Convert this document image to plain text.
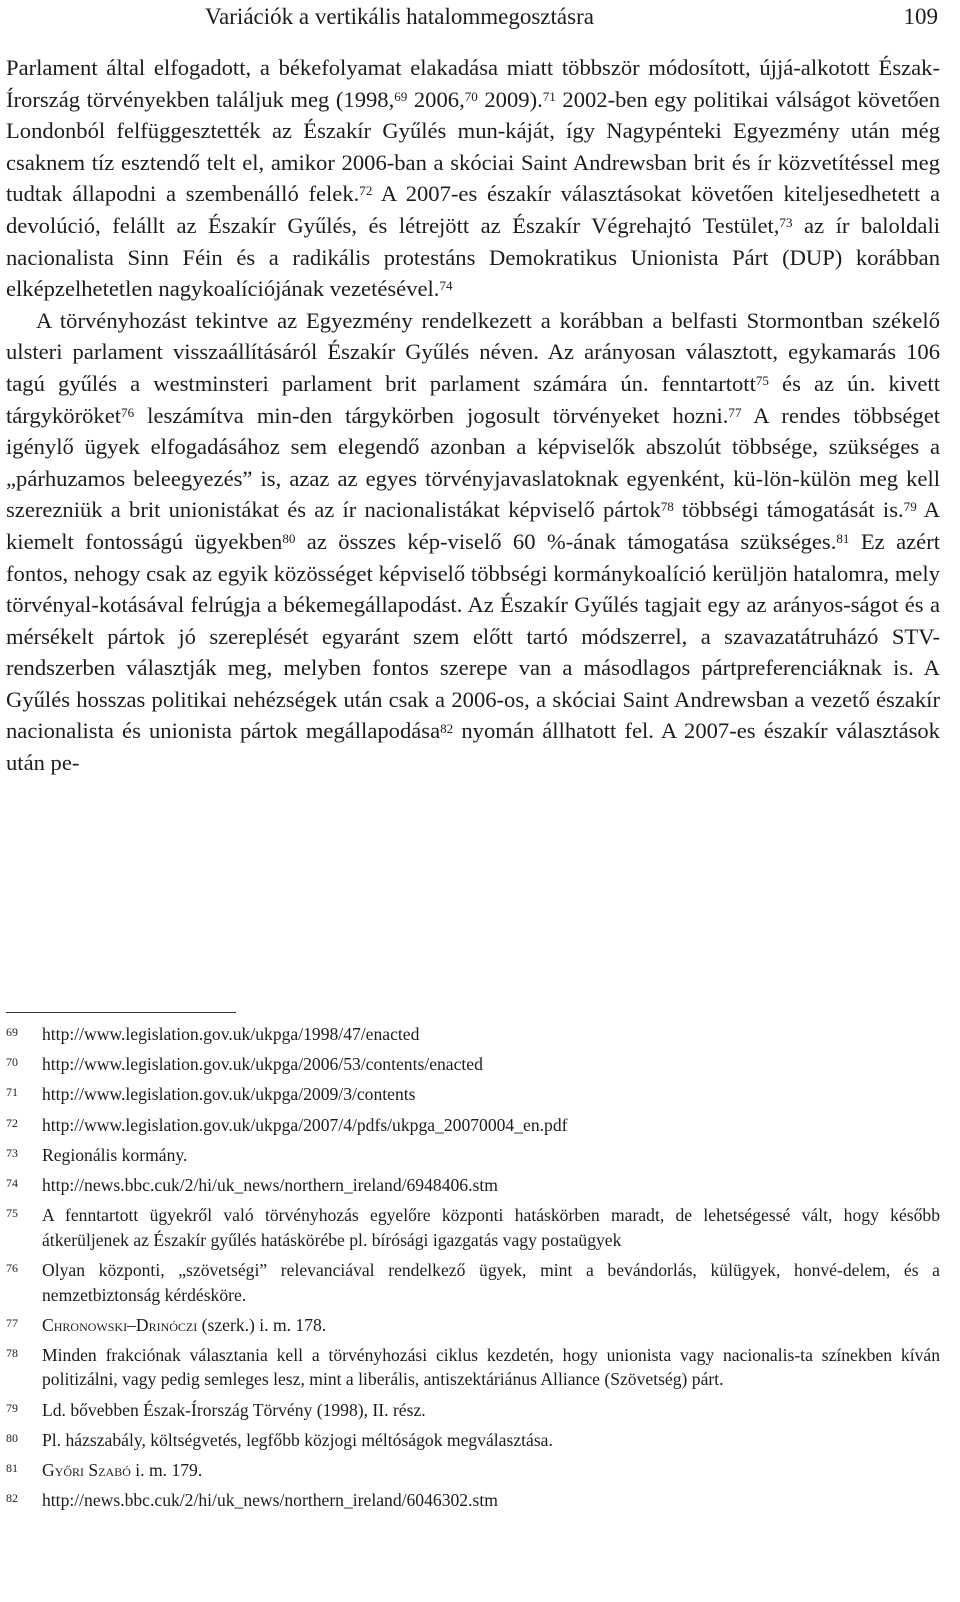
Variációk a vertikális hatalommegosztásra	109

Parlament által elfogadott, a békefolyamat elakadása miatt többször módosított, újjá-alkotott Észak-Írország törvényekben találjuk meg (1998,69 2006,70 2009).$^{71}$ 2002-ben egy politikai válságot követően Londonból felfüggesztették az Északír Gyűlés mun-káját, így Nagypénteki Egyezmény után még csaknem tíz esztendő telt el, amikor 2006-ban a skóciai Saint Andrewsban brit és ír közvetítéssel meg tudtak állapodni a szembenálló felek.$^{72}$ A 2007-es északír választásokat követően kiteljesedhetett a devolúció, felállt az Északír Gyűlés, és létrejött az Északír Végrehajtó Testület,$^{73}$ az ír baloldali nacionalista Sinn Féin és a radikális protestáns Demokratikus Unionista Párt (DUP) korábban elképzelhetetlen nagykoalíciójának vezetésével.$^{74}$

A törvényhozást tekintve az Egyezmény rendelkezett a korábban a belfasti Stormontban székelő ulsteri parlament visszaállításáról Északír Gyűlés néven. Az arányosan választott, egykamarás 106 tagú gyűlés a westminsteri parlament brit parlament számára ún. fenntartott$^{75}$ és az ún. kivett tárgyköröket$^{76}$ leszámítva min-den tárgykörben jogosult törvényeket hozni.$^{77}$ A rendes többséget igénylő ügyek elfogadásához sem elegendő azonban a képviselők abszolút többsége, szükséges a „párhuzamos beleegyezés” is, azaz az egyes törvényjavaslatoknak egyenként, kü-lön-külön meg kell szerezniük a brit unionistákat és az ír nacionalistákat képviselő pártok$^{78}$ többségi támogatását is.$^{79}$ A kiemelt fontosságú ügyekben$^{80}$ az összes kép-viselő 60 %-ának támogatása szükséges.$^{81}$ Ez azért fontos, nehogy csak az egyik közösséget képviselő többségi kormánykoalíció kerüljön hatalomra, mely törvényal-kotásával felrúgja a békemegállapodást. Az Északír Gyűlés tagjait egy az arányos-ságot és a mérsékelt pártok jó szereplését egyaránt szem előtt tartó módszerrel, a szavazatátruházó STV-rendszerben választják meg, melyben fontos szerepe van a másodlagos pártpreferenciáknak is. A Gyűlés hosszas politikai nehézségek után csak a 2006-os, a skóciai Saint Andrewsban a vezető északír nacionalista és unionista pártok megállapodása$^{82}$ nyomán állhatott fel. A 2007-es északír választások után pe-

69	http://www.legislation.gov.uk/ukpga/1998/47/enacted
70	http://www.legislation.gov.uk/ukpga/2006/53/contents/enacted
71	http://www.legislation.gov.uk/ukpga/2009/3/contents
72	http://www.legislation.gov.uk/ukpga/2007/4/pdfs/ukpga_20070004_en.pdf
73	Regionális kormány.
74	http://news.bbc.cuk/2/hi/uk_news/northern_ireland/6948406.stm
75	A fenntartott ügyekről való törvényhozás egyelőre központi hatáskörben maradt, de lehetségessé vált, hogy később átkerüljenek az Északír gyűlés hatáskörébe pl. bírósági igazgatás vagy postaügyek
76	Olyan központi, „szövetségi” relevanciával rendelkező ügyek, mint a bevándorlás, külügyek, honvé-delem, és a nemzetbiztonság kérdésköre.
77	Chronowski–Drinóczi (szerk.) i. m. 178.
78	Minden frakciónak választania kell a törvényhozási ciklus kezdetén, hogy unionista vagy nacionalis-ta színekben kíván politizálni, vagy pedig semleges lesz, mint a liberális, antiszektáriánus Alliance (Szövetség) párt.
79	Ld. bővebben Észak-Írország Törvény (1998), II. rész.
80	Pl. házszabály, költségvetés, legfőbb közjogi méltóságok megválasztása.
81	Győri Szabó i. m. 179.
82	http://news.bbc.cuk/2/hi/uk_news/northern_ireland/6046302.stm
